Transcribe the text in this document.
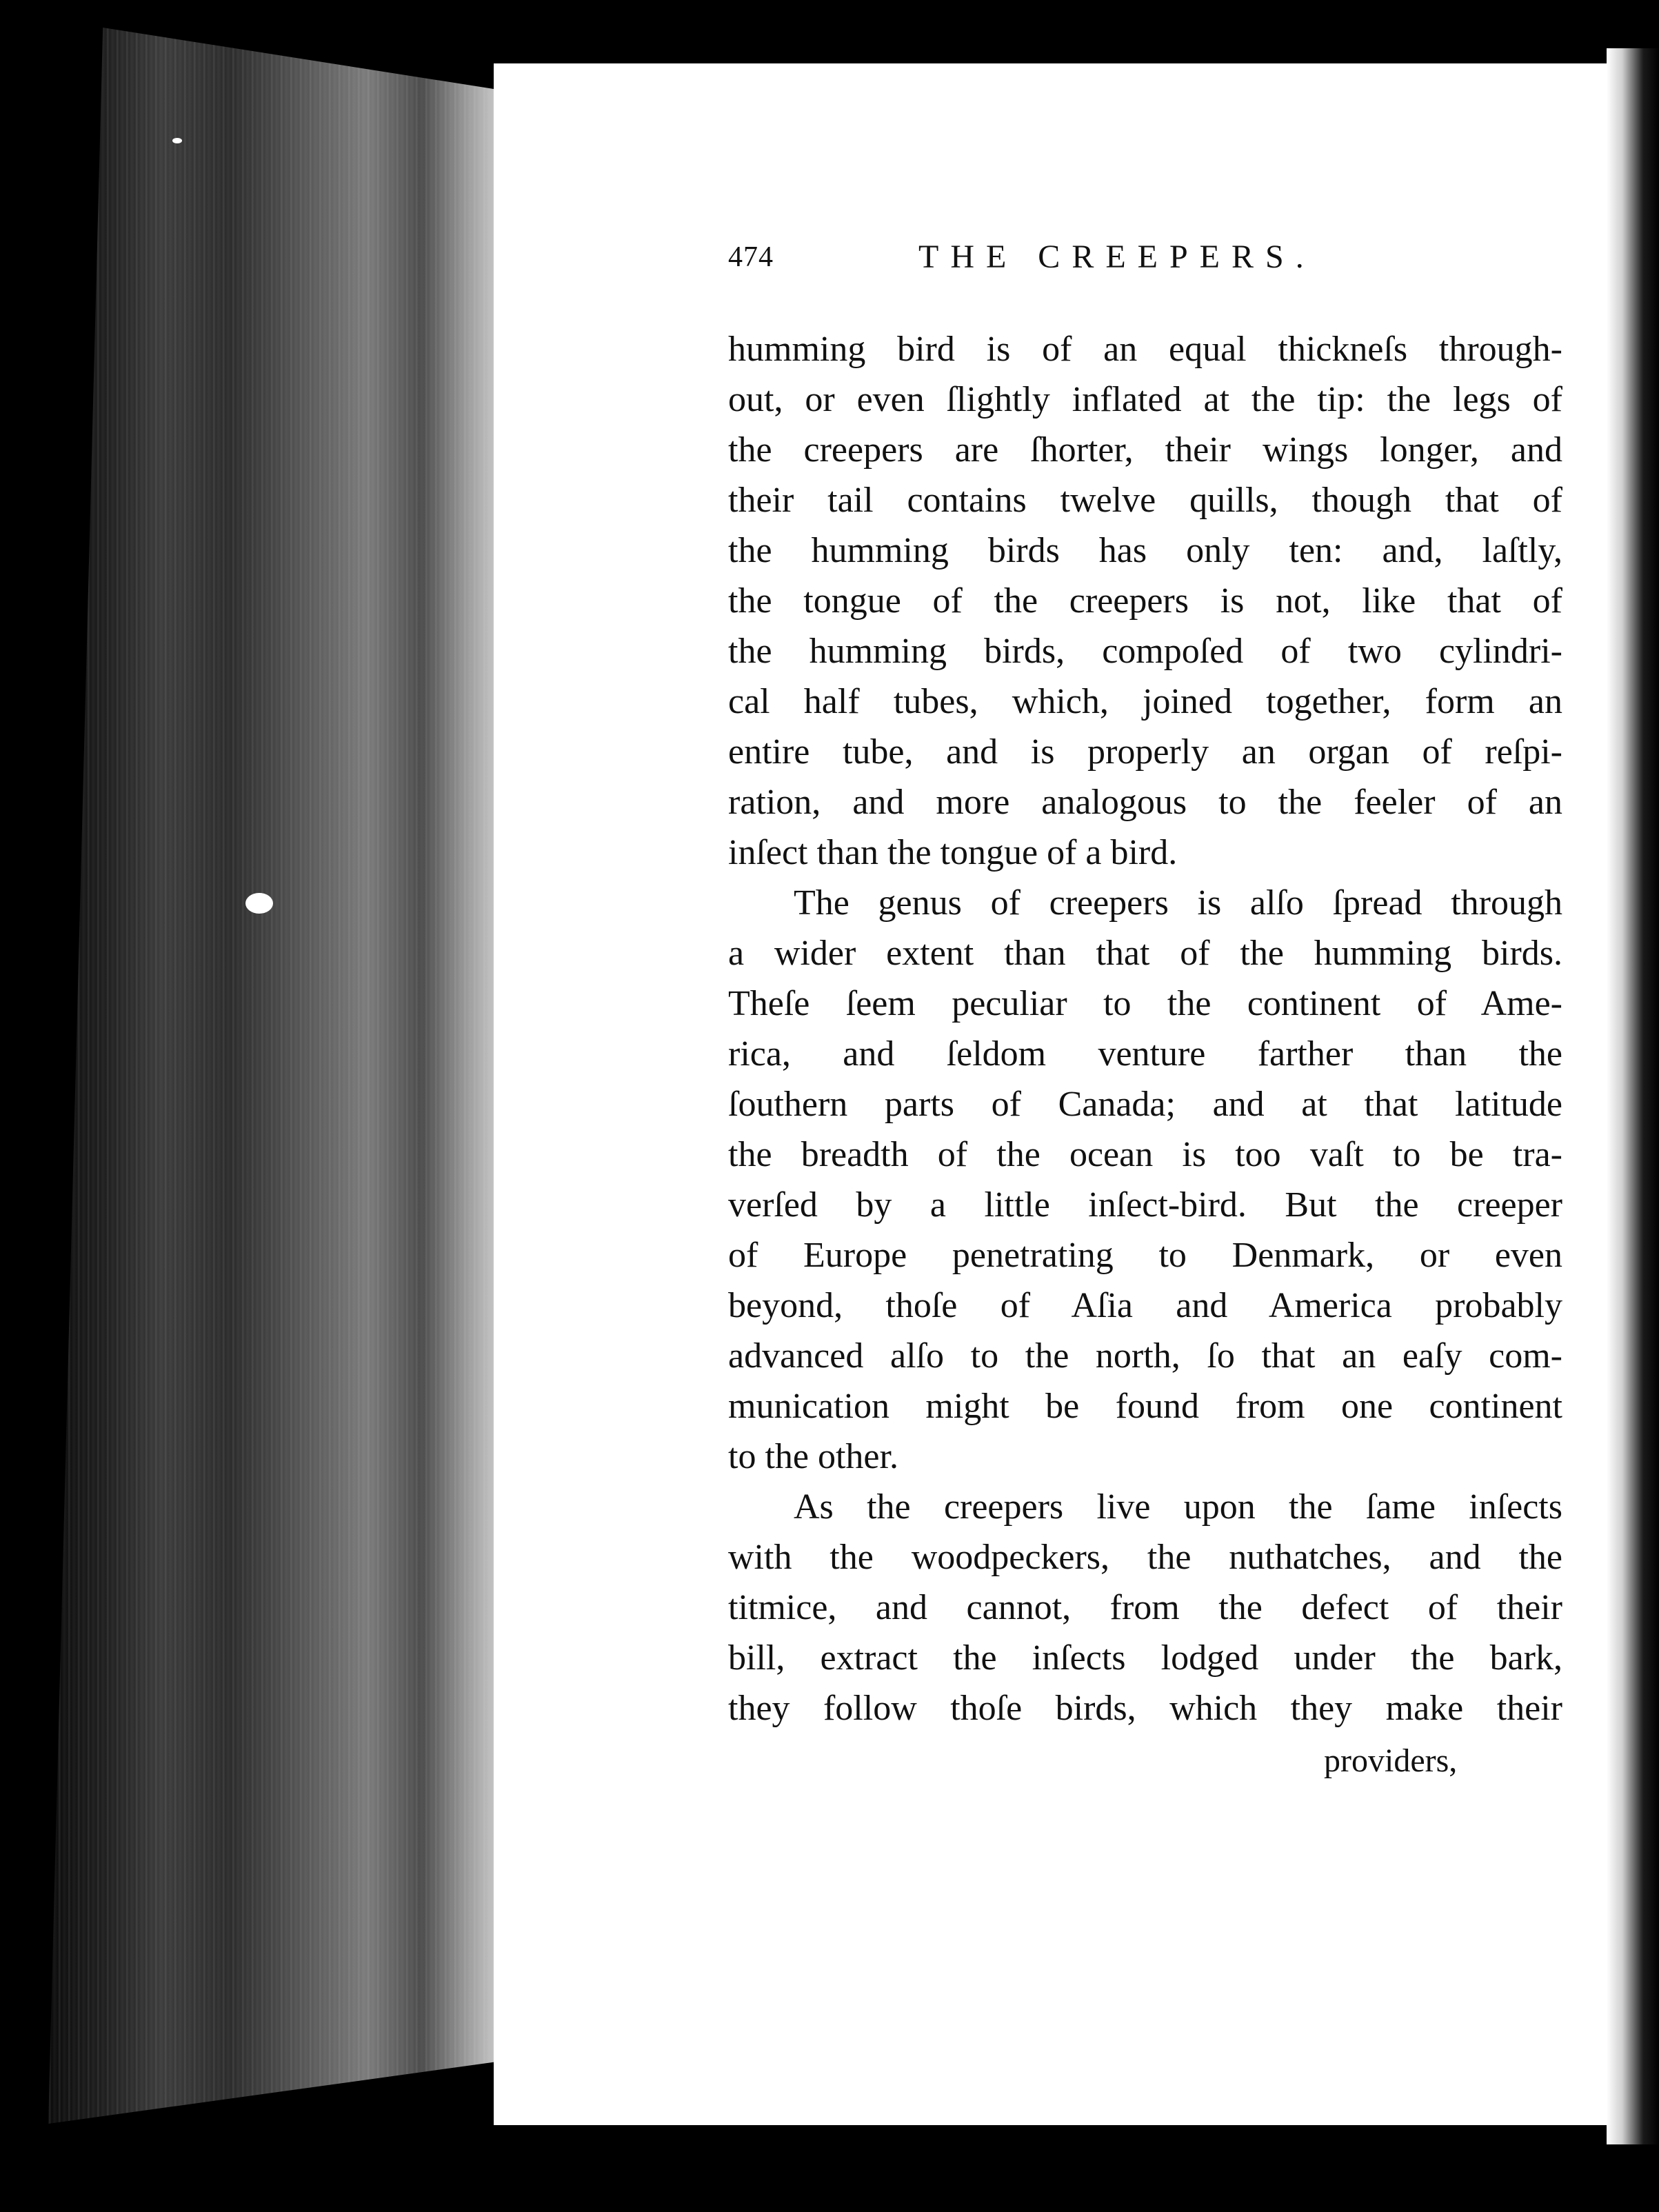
474	THE CREEPERS.
humming bird is of an equal thickneſs through-
out, or even ſlightly inflated at the tip: the legs of
the creepers are ſhorter, their wings longer, and
their tail contains twelve quills, though that of
the humming birds has only ten: and, laſtly,
the tongue of the creepers is not, like that of
the humming birds, compoſed of two cylindri-
cal half tubes, which, joined together, form an
entire tube, and is properly an organ of reſpi-
ration, and more analogous to the feeler of an
inſect than the tongue of a bird.
The genus of creepers is alſo ſpread through
a wider extent than that of the humming birds.
Theſe ſeem peculiar to the continent of Ame-
rica, and ſeldom venture farther than the
ſouthern parts of Canada; and at that latitude
the breadth of the ocean is too vaſt to be tra-
verſed by a little inſect-bird. But the creeper
of Europe penetrating to Denmark, or even
beyond, thoſe of Aſia and America probably
advanced alſo to the north, ſo that an eaſy com-
munication might be found from one continent
to the other.
As the creepers live upon the ſame inſects
with the woodpeckers, the nuthatches, and the
titmice, and cannot, from the defect of their
bill, extract the inſects lodged under the bark,
they follow thoſe birds, which they make their
providers,
